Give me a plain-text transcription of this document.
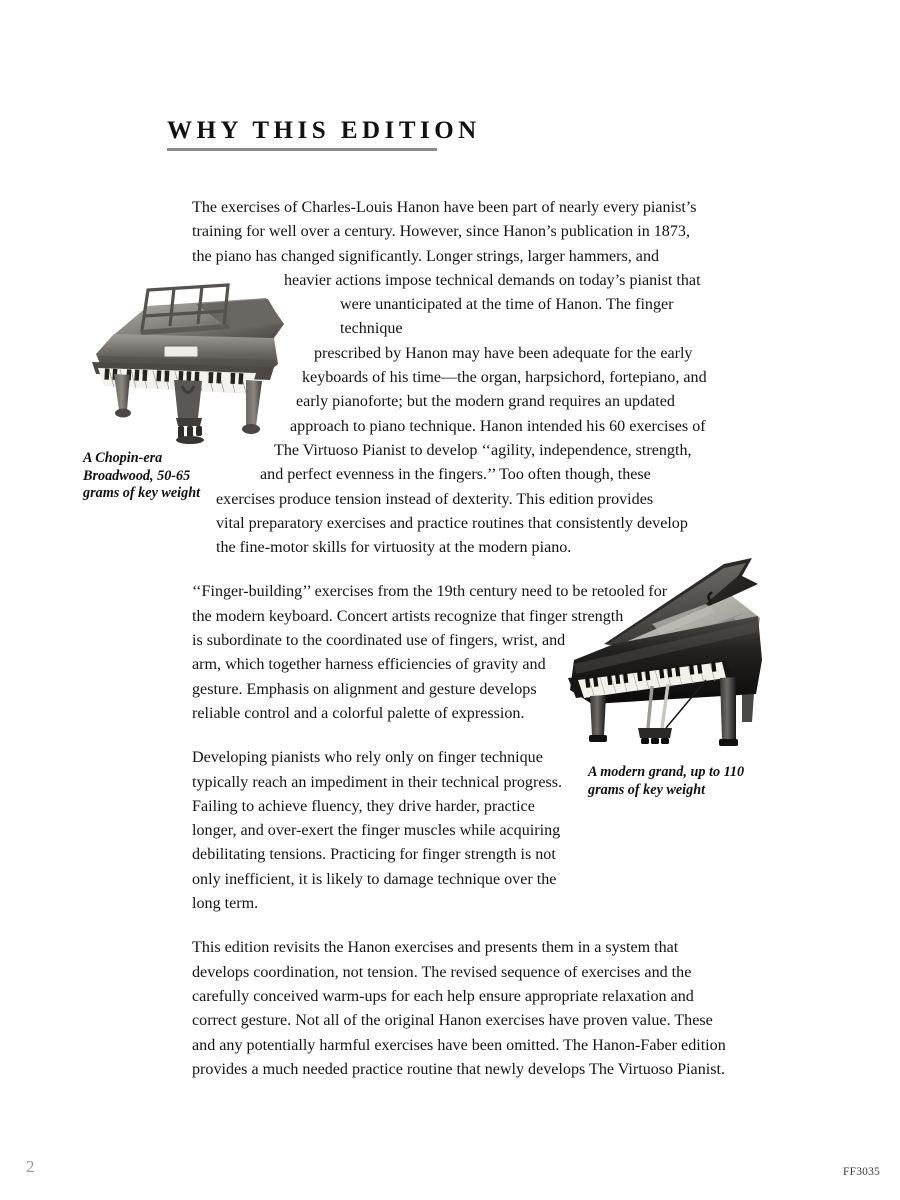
WHY THIS EDITION
A Chopin-era Broadwood, 50-65 grams of key weight
A modern grand, up to 110 grams of key weight

The exercises of Charles-Louis Hanon have been part of nearly every pianist’s
training for well over a century. However, since Hanon’s publication in 1873,
the piano has changed significantly. Longer strings, larger hammers, and
heavier actions impose technical demands on today’s pianist that
were unanticipated at the time of Hanon. The finger technique
prescribed by Hanon may have been adequate for the early
keyboards of his time—the organ, harpsichord, fortepiano, and
early pianoforte; but the modern grand requires an updated
approach to piano technique. Hanon intended his 60 exercises of
The Virtuoso Pianist to develop ‘‘agility, independence, strength,
and perfect evenness in the fingers.’’ Too often though, these
exercises produce tension instead of dexterity. This edition provides
vital preparatory exercises and practice routines that consistently develop
the fine-motor skills for virtuosity at the modern piano.

‘‘Finger-building’’ exercises from the 19th century need to be retooled for
the modern keyboard. Concert artists recognize that finger strength
is subordinate to the coordinated use of fingers, wrist, and
arm, which together harness efficiencies of gravity and
gesture. Emphasis on alignment and gesture develops
reliable control and a colorful palette of expression.

Developing pianists who rely only on finger technique typically reach an impediment in their technical progress. Failing to achieve fluency, they drive harder, practice longer, and over-exert the finger muscles while acquiring debilitating tensions. Practicing for finger strength is not only inefficient, it is likely to damage technique over the long term.

This edition revisits the Hanon exercises and presents them in a system that develops coordination, not tension. The revised sequence of exercises and the carefully conceived warm-ups for each help ensure appropriate relaxation and correct gesture. Not all of the original Hanon exercises have proven value. These and any potentially harmful exercises have been omitted. The Hanon-Faber edition provides a much needed practice routine that newly develops The Virtuoso Pianist.

2	FF3035
